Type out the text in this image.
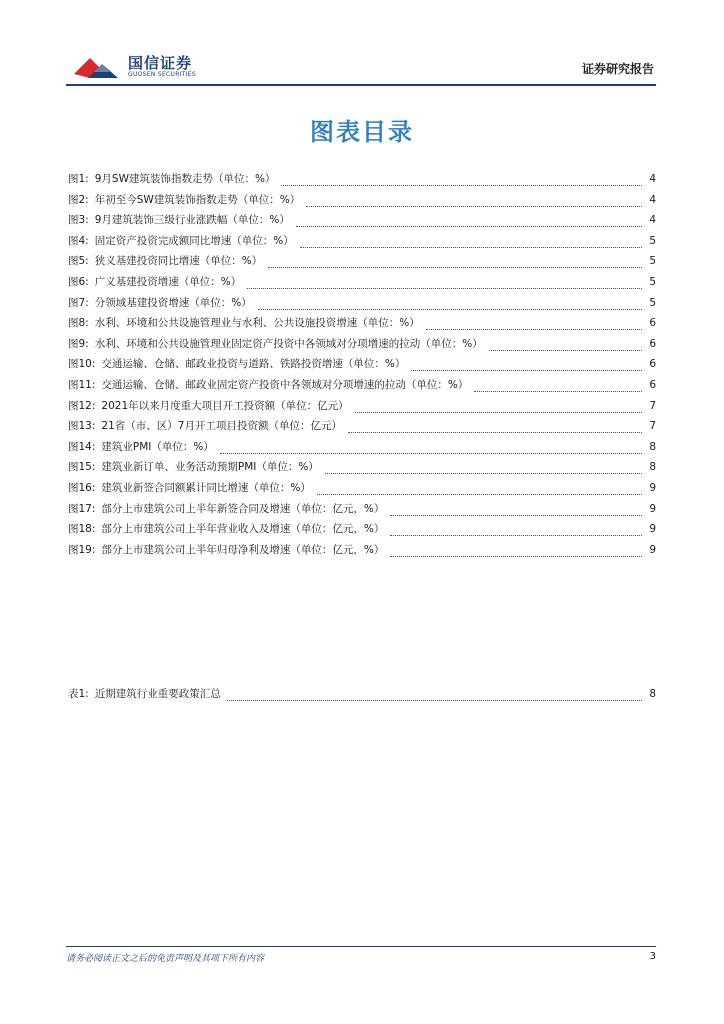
国信证券
GUOSEN SECURITIES	证券研究报告
图表目录
图1: 9月SW建筑装饰指数走势（单位：%）	4
图2: 年初至今SW建筑装饰指数走势（单位：%）	4
图3: 9月建筑装饰三级行业涨跌幅（单位：%）	4
图4: 固定资产投资完成额同比增速（单位：%）	5
图5: 狭义基建投资同比增速（单位：%）	5
图6: 广义基建投资增速（单位：%）	5
图7: 分领域基建投资增速（单位：%）	5
图8: 水利、环境和公共设施管理业与水利、公共设施投资增速（单位：%）	6
图9: 水利、环境和公共设施管理业固定资产投资中各领域对分项增速的拉动（单位：%）	6
图10: 交通运输、仓储、邮政业投资与道路、铁路投资增速（单位：%）	6
图11: 交通运输、仓储、邮政业固定资产投资中各领域对分项增速的拉动（单位：%）	6
图12: 2021年以来月度重大项目开工投资额（单位：亿元）	7
图13: 21省（市、区）7月开工项目投资额（单位：亿元）	7
图14: 建筑业PMI（单位：%）	8
图15: 建筑业新订单、业务活动预期PMI（单位：%）	8
图16: 建筑业新签合同额累计同比增速（单位：%）	9
图17: 部分上市建筑公司上半年新签合同及增速（单位：亿元，%）	9
图18: 部分上市建筑公司上半年营业收入及增速（单位：亿元，%）	9
图19: 部分上市建筑公司上半年归母净利及增速（单位：亿元，%）	9
表1: 近期建筑行业重要政策汇总	8
请务必阅读正文之后的免责声明及其项下所有内容	3
